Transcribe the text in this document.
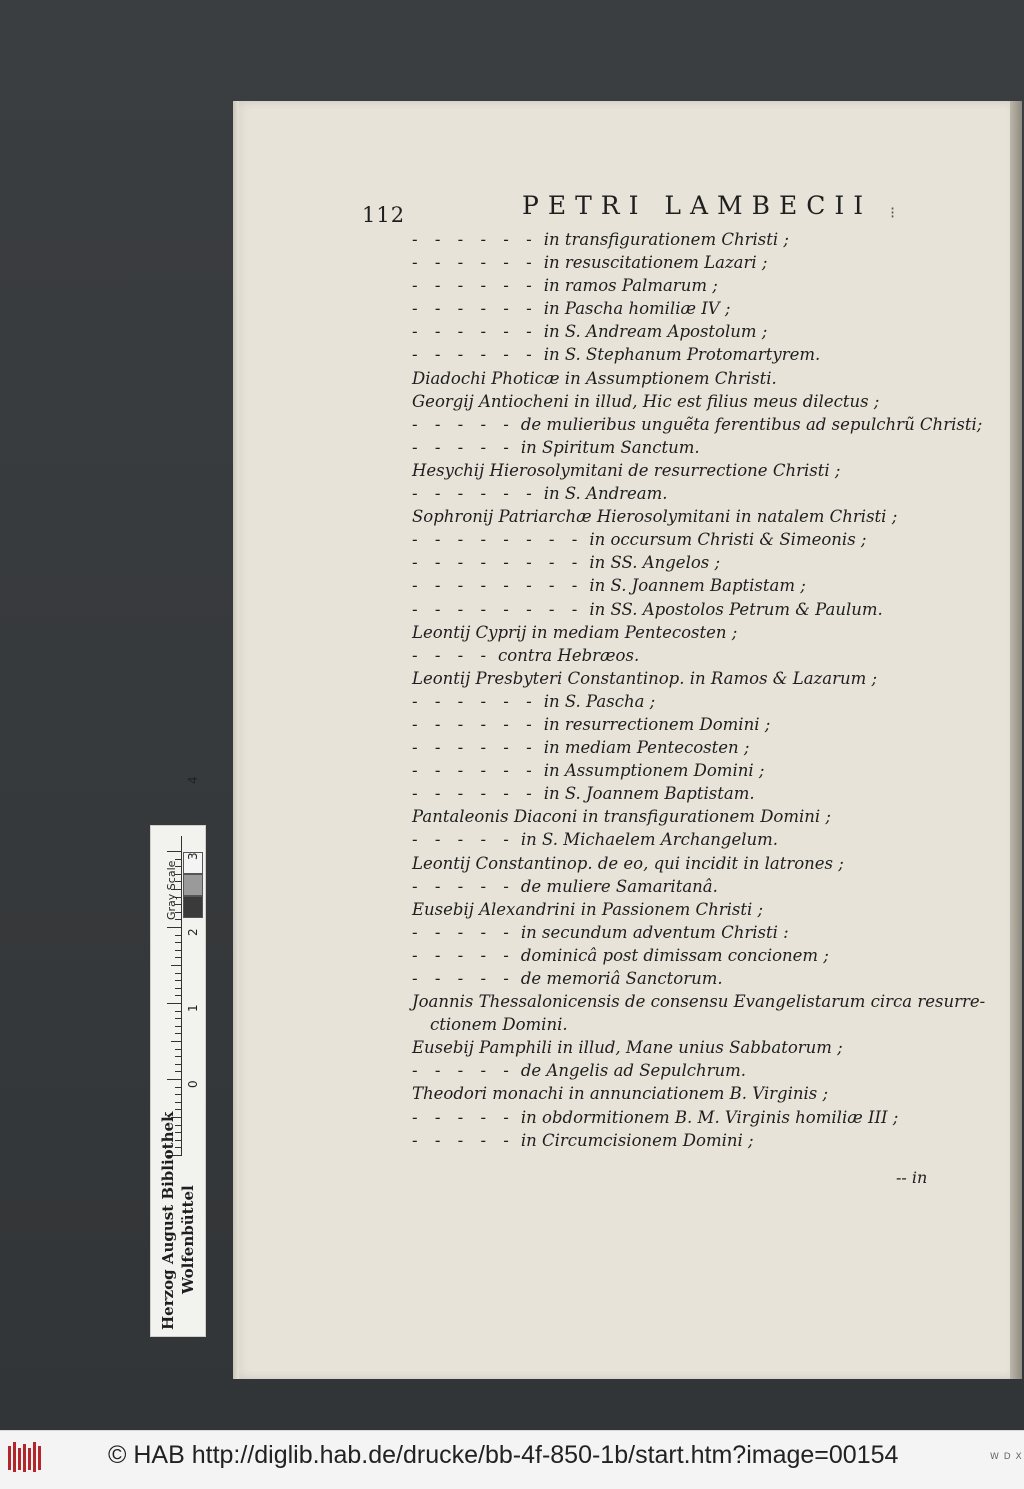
112	PETRI LAMBECII ⁝
- - - - - - in transfigurationem Christi ;
- - - - - - in resuscitationem Lazari ;
- - - - - - in ramos Palmarum ;
- - - - - - in Pascha homiliæ IV ;
- - - - - - in S. Andream Apostolum ;
- - - - - - in S. Stephanum Protomartyrem.
Diadochi Photicæ in Assumptionem Christi.
Georgij Antiocheni in illud, Hic est filius meus dilectus ;
- - - - - de mulieribus unguẽta ferentibus ad sepulchrũ Christi;
- - - - - in Spiritum Sanctum.
Hesychij Hierosolymitani de resurrectione Christi ;
- - - - - - in S. Andream.
Sophronij Patriarchæ Hierosolymitani in natalem Christi ;
- - - - - - - - in occursum Christi & Simeonis ;
- - - - - - - - in SS. Angelos ;
- - - - - - - - in S. Joannem Baptistam ;
- - - - - - - - in SS. Apostolos Petrum & Paulum.
Leontij Cyprij in mediam Pentecosten ;
- - - - contra Hebræos.
Leontij Presbyteri Constantinop. in Ramos & Lazarum ;
- - - - - - in S. Pascha ;
- - - - - - in resurrectionem Domini ;
- - - - - - in mediam Pentecosten ;
- - - - - - in Assumptionem Domini ;
- - - - - - in S. Joannem Baptistam.
Pantaleonis Diaconi in transfigurationem Domini ;
- - - - - in S. Michaelem Archangelum.
Leontij Constantinop. de eo, qui incidit in latrones ;
- - - - - de muliere Samaritanâ.
Eusebij Alexandrini in Passionem Christi ;
- - - - - in secundum adventum Christi :
- - - - - dominicâ post dimissam concionem ;
- - - - - de memoriâ Sanctorum.
Joannis Thessalonicensis de consensu Evangelistarum circa resurre-
ctionem Domini.
Eusebij Pamphili in illud, Mane unius Sabbatorum ;
- - - - - de Angelis ad Sepulchrum.
Theodori monachi in annunciationem B. Virginis ;
- - - - - in obdormitionem B. M. Virginis homiliæ III ;
- - - - - in Circumcisionem Domini ;
-- in
Gray Scale
Herzog August Bibliothek Wolfenbüttel
© HAB http://diglib.hab.de/drucke/bb-4f-850-1b/start.htm?image=00154	W D X
0
1
2
3
4
